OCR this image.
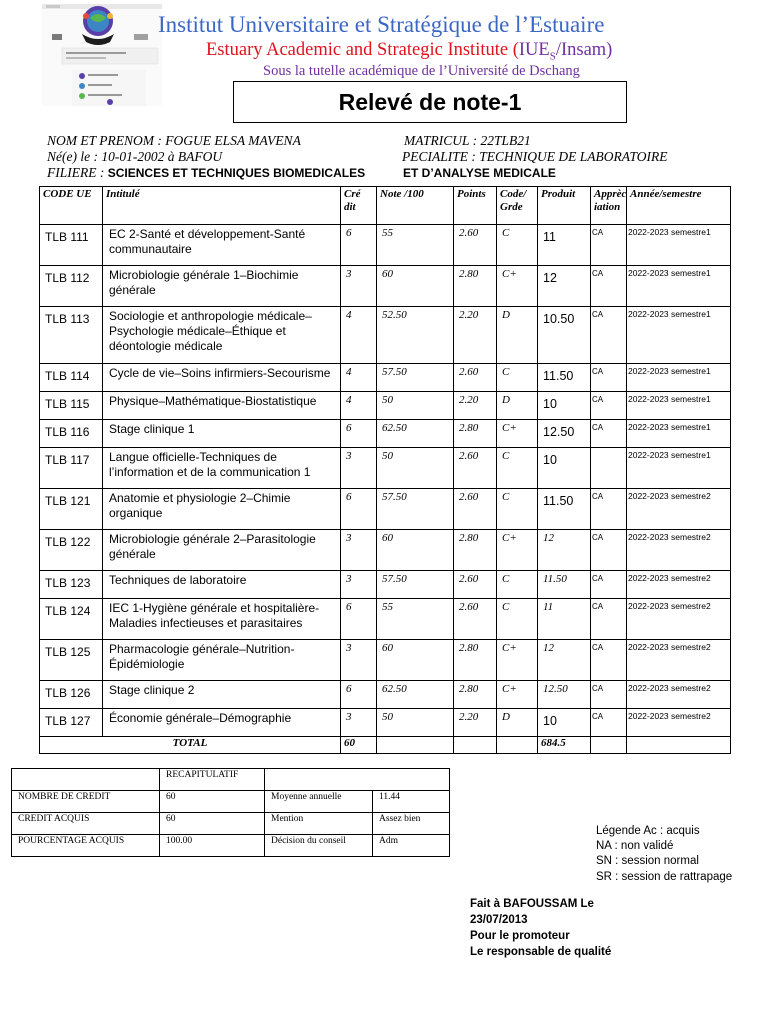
Institut Universitaire et Stratégique de l’Estuaire
Estuary Academic and Strategic Institute $(IUE_S/Insam)$
Sous la tutelle académique de l’Université de Dschang
Relevé de note-1
NOM ET PRENOM : FOGUE ELSA MAVENA	MATRICUL : 22TLB21
Né(e) le : 10-01-2002 à BAFOU	PECIALITE : TECHNIQUE DE LABORATOIRE
FILIERE : SCIENCES ET TECHNIQUES BIOMEDICALES	ET D’ANALYSE MEDICALE
CODE UE	Intitulé	Cré dit	Note /100	Points	Code/ Grde	Produit	Apprèc iation	Année/semestre
TLB 111	EC 2-Santé et développement-Santé communautaire	6	55	2.60	C	11	CA	2022-2023 semestre1
TLB 112	Microbiologie générale 1–Biochimie générale	3	60	2.80	C+	12	CA	2022-2023 semestre1
TLB 113	Sociologie et anthropologie médicale–Psychologie médicale–Éthique et déontologie médicale	4	52.50	2.20	D	10.50	CA	2022-2023 semestre1
TLB 114	Cycle de vie–Soins infirmiers-Secourisme	4	57.50	2.60	C	11.50	CA	2022-2023 semestre1
TLB 115	Physique–Mathématique-Biostatistique	4	50	2.20	D	10	CA	2022-2023 semestre1
TLB 116	Stage clinique 1	6	62.50	2.80	C+	12.50	CA	2022-2023 semestre1
TLB 117	Langue officielle-Techniques de l’information et de la communication 1	3	50	2.60	C	10		2022-2023 semestre1
TLB 121	Anatomie et physiologie 2–Chimie organique	6	57.50	2.60	C	11.50	CA	2022-2023 semestre2
TLB 122	Microbiologie générale 2–Parasitologie générale	3	60	2.80	C+	12	CA	2022-2023 semestre2
TLB 123	Techniques de laboratoire	3	57.50	2.60	C	11.50	CA	2022-2023 semestre2
TLB 124	IEC 1-Hygiène générale et hospitalière-Maladies infectieuses et parasitaires	6	55	2.60	C	11	CA	2022-2023 semestre2
TLB 125	Pharmacologie générale–Nutrition-Épidémiologie	3	60	2.80	C+	12	CA	2022-2023 semestre2
TLB 126	Stage clinique 2	6	62.50	2.80	C+	12.50	CA	2022-2023 semestre2
TLB 127	Économie générale–Démographie	3	50	2.20	D	10	CA	2022-2023 semestre2
TOTAL		60				684.5		
	RECAPITULATIF		
NOMBRE DE CREDIT	60	Moyenne annuelle	11.44
CREDIT ACQUIS	60	Mention	Assez bien
POURCENTAGE ACQUIS	100.00	Décision du conseil	Adm
Légende Ac : acquis
NA : non validé
SN : session normal
SR : session de rattrapage
Fait à BAFOUSSAM Le
23/07/2013
Pour le promoteur
Le responsable de qualité
